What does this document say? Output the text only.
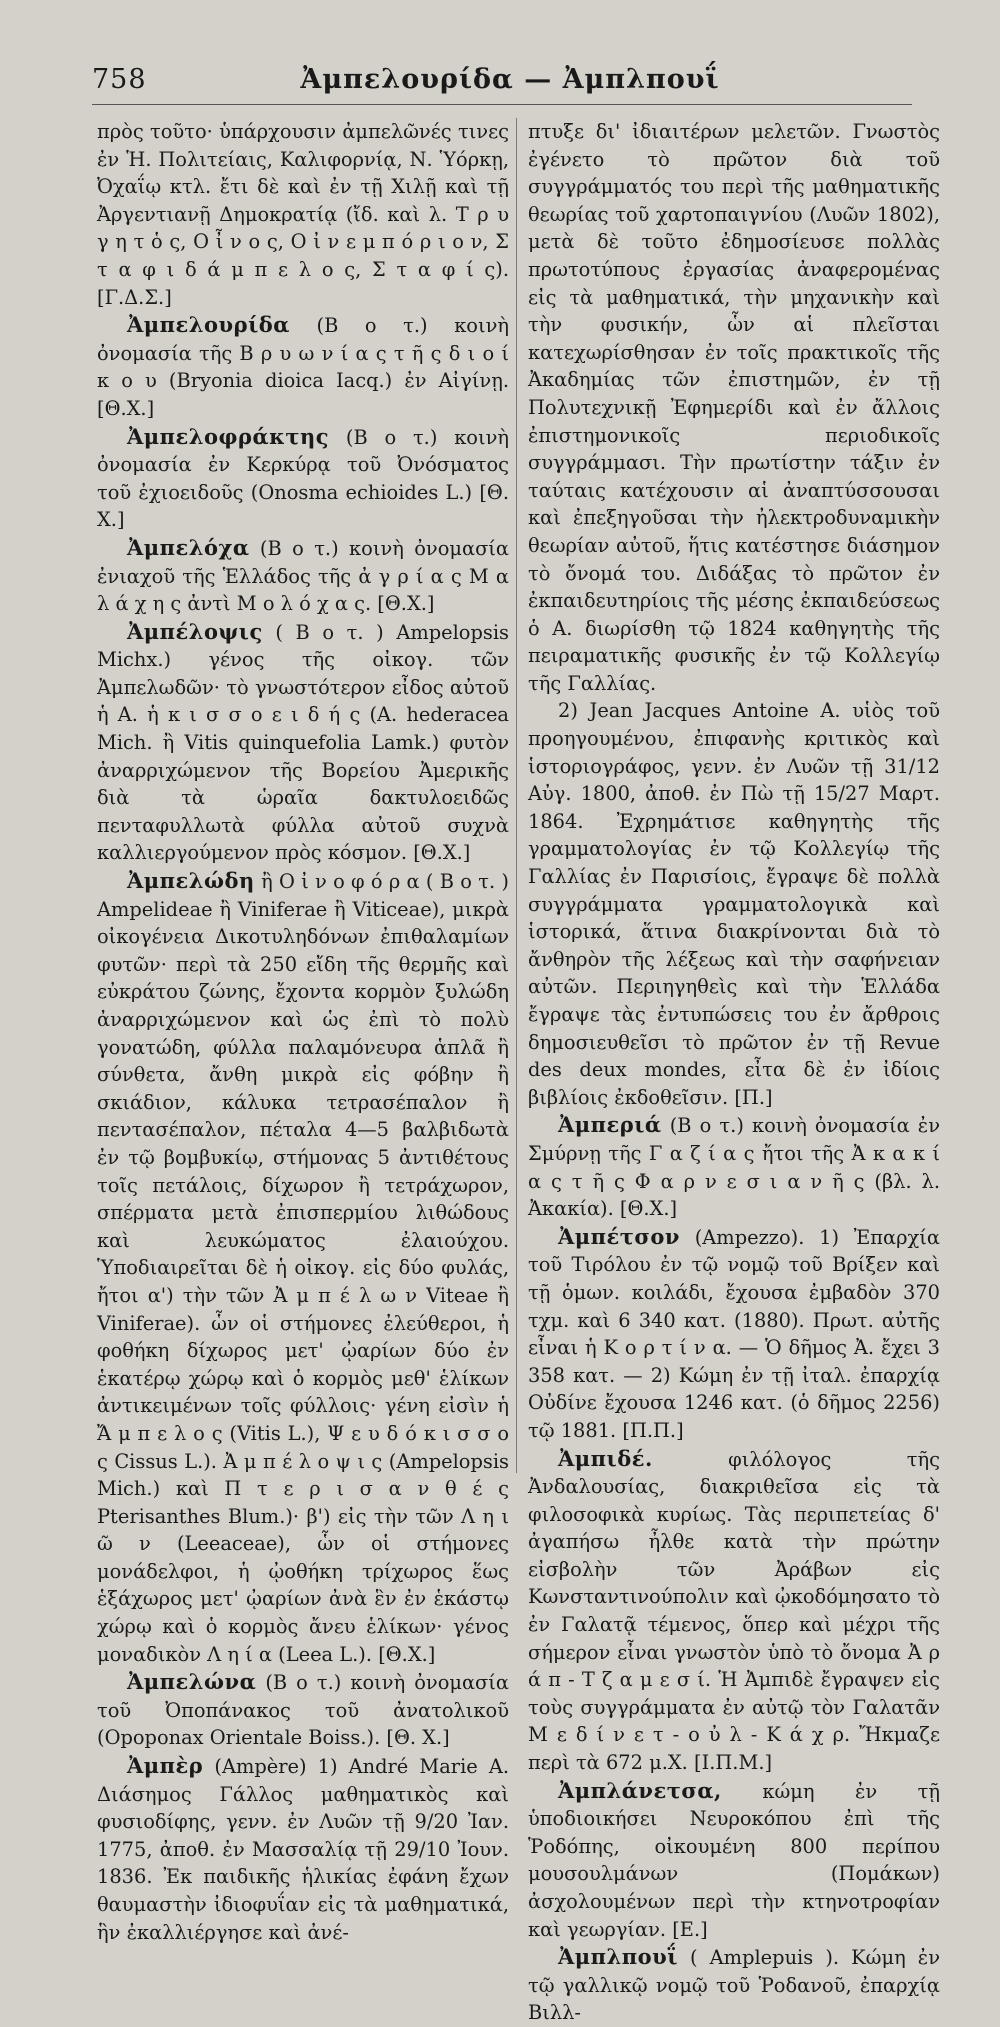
758	Ἀμπελουρίδα — Ἀμπλπουΐ

πρὸς τοῦτο· ὑπάρχουσιν ἀμπελῶνές τινες ἐν Ἡ. Πολιτείαις, Καλιφορνίᾳ, Ν. Ὑόρκῃ, Ὀχαΐῳ κτλ. ἔτι δὲ καὶ ἐν τῇ Χιλῇ καὶ τῇ Ἀργεντιανῇ Δημοκρατίᾳ (ἴδ. καὶ λ. Τ ρ υ γ η τ ὁ ς, Ο ἶ ν ο ς, Ο ἰ ν ε μ π ό ρ ι ο ν, Σ τ α φ ι δ ά μ π ε λ ο ς, Σ τ α φ ί ς). [Γ.Δ.Σ.]

Ἀμπελουρίδα (Β ο τ.) κοινὴ ὀνομασία τῆς Β ρ υ ω ν ί α ς τ ῆ ς δ ι ο ί κ ο υ (Bryonia dioica Iacq.) ἐν Αἰγίνῃ. [Θ.Χ.]

Ἀμπελοφράκτης (Β ο τ.) κοινὴ ὀνομασία ἐν Κερκύρᾳ τοῦ Ὀνόσματος τοῦ ἐχιοειδοῦς (Onosma echioides L.) [Θ. Χ.]

Ἀμπελόχα (Β ο τ.) κοινὴ ὀνομασία ἐνιαχοῦ τῆς Ἑλλάδος τῆς ἀ γ ρ ί α ς Μ α λ ά χ η ς ἀντὶ Μ ο λ ό χ α ς. [Θ.Χ.]

Ἀμπέλοψις ( Β ο τ. ) Ampelopsis Michx.) γένος τῆς οἰκογ. τῶν Ἀμπελωδῶν· τὸ γνωστότερον εἶδος αὐτοῦ ἡ Α. ἡ κ ι σ σ ο ε ι δ ή ς (A. hederacea Mich. ἢ Vitis quinquefolia Lamk.) φυτὸν ἀναρριχώμενον τῆς Βορείου Ἀμερικῆς διὰ τὰ ὡραῖα δακτυλοειδῶς πενταφυλλωτὰ φύλλα αὐτοῦ συχνὰ καλλιεργούμενον πρὸς κόσμον. [Θ.Χ.]

Ἀμπελώδη ἢ Ο ἰ ν ο φ ό ρ α ( Β ο τ. ) Ampelideae ἢ Viniferae ἢ Viticeae), μικρὰ οἰκογένεια Δικοτυληδόνων ἐπιθαλαμίων φυτῶν· περὶ τὰ 250 εἴδη τῆς θερμῆς καὶ εὐκράτου ζώνης, ἔχοντα κορμὸν ξυλώδη ἀναρριχώμενον καὶ ὡς ἐπὶ τὸ πολὺ γονατώδη, φύλλα παλαμόνευρα ἁπλᾶ ἢ σύνθετα, ἄνθη μικρὰ εἰς φόβην ἢ σκιάδιον, κάλυκα τετρασέπαλον ἢ πεντασέπαλον, πέταλα 4—5 βαλβιδωτὰ ἐν τῷ βομβυκίῳ, στήμονας 5 ἀντιθέτους τοῖς πετάλοις, δίχωρον ἢ τετράχωρον, σπέρματα μετὰ ἐπισπερμίου λιθώδους καὶ λευκώματος ἐλαιούχου. Ὑποδιαιρεῖται δὲ ἡ οἰκογ. εἰς δύο φυλάς, ἤτοι α') τὴν τῶν Ἀ μ π έ λ ω ν Viteae ἢ Viniferae). ὧν οἱ στήμονες ἐλεύθεροι, ἡ φοθήκη δίχωρος μετ' ᾠαρίων δύο ἐν ἑκατέρῳ χώρῳ καὶ ὁ κορμὸς μεθ' ἑλίκων ἀντικειμένων τοῖς φύλλοις· γένη εἰσὶν ἡ Ἄ μ π ε λ ο ς (Vitis L.), Ψ ε υ δ ό κ ι σ σ ο ς Cissus L.). Ἀ μ π έ λ ο ψ ι ς (Ampelopsis Mich.) καὶ Π τ ε ρ ι σ α ν θ έ ς Pterisanthes Blum.)· β') εἰς τὴν τῶν Λ η ι ῶ ν (Leeaceae), ὧν οἱ στήμονες μονάδελφοι, ἡ ᾠοθήκη τρίχωρος ἕως ἑξάχωρος μετ' ᾠαρίων ἀνὰ ἓν ἐν ἑκάστῳ χώρῳ καὶ ὁ κορμὸς ἄνευ ἑλίκων· γένος μοναδικὸν Λ η ί α (Leea L.). [Θ.Χ.]

Ἀμπελώνα (Β ο τ.) κοινὴ ὀνομασία τοῦ Ὀποπάνακος τοῦ ἀνατολικοῦ (Opoponax Orientale Boiss.). [Θ. Χ.]

Ἀμπὲρ (Ampère) 1) André Marie Α. Διάσημος Γάλλος μαθηματικὸς καὶ φυσιοδίφης, γενν. ἐν Λυῶν τῇ 9/20 Ἰαν. 1775, ἀποθ. ἐν Μασσαλίᾳ τῇ 29/10 Ἰουν. 1836. Ἐκ παιδικῆς ἡλικίας ἐφάνη ἔχων θαυμαστὴν ἰδιοφυΐαν εἰς τὰ μαθηματικά, ἣν ἐκαλλιέργησε καὶ ἀνέ-

πτυξε δι' ἰδιαιτέρων μελετῶν. Γνωστὸς ἐγένετο τὸ πρῶτον διὰ τοῦ συγγράμματός του περὶ τῆς μαθηματικῆς θεωρίας τοῦ χαρτοπαιγνίου (Λυῶν 1802), μετὰ δὲ τοῦτο ἐδημοσίευσε πολλὰς πρωτοτύπους ἐργασίας ἀναφερομένας εἰς τὰ μαθηματικά, τὴν μηχανικὴν καὶ τὴν φυσικήν, ὧν αἱ πλεῖσται κατεχωρίσθησαν ἐν τοῖς πρακτικοῖς τῆς Ἀκαδημίας τῶν ἐπιστημῶν, ἐν τῇ Πολυτεχνικῇ Ἐφημερίδι καὶ ἐν ἄλλοις ἐπιστημονικοῖς περιοδικοῖς συγγράμμασι. Τὴν πρωτίστην τάξιν ἐν ταύταις κατέχουσιν αἱ ἀναπτύσσουσαι καὶ ἐπεξηγοῦσαι τὴν ἠλεκτροδυναμικὴν θεωρίαν αὐτοῦ, ἥτις κατέστησε διάσημον τὸ ὄνομά του. Διδάξας τὸ πρῶτον ἐν ἐκπαιδευτηρίοις τῆς μέσης ἐκπαιδεύσεως ὁ Α. διωρίσθη τῷ 1824 καθηγητὴς τῆς πειραματικῆς φυσικῆς ἐν τῷ Κολλεγίῳ τῆς Γαλλίας.

2) Jean Jacques Antoine Α. υἱὸς τοῦ προηγουμένου, ἐπιφανὴς κριτικὸς καὶ ἱστοριογράφος, γενν. ἐν Λυῶν τῇ 31/12 Αὐγ. 1800, ἀποθ. ἐν Πὼ τῇ 15/27 Μαρτ. 1864. Ἐχρημάτισε καθηγητὴς τῆς γραμματολογίας ἐν τῷ Κολλεγίῳ τῆς Γαλλίας ἐν Παρισίοις, ἔγραψε δὲ πολλὰ συγγράμματα γραμματολογικὰ καὶ ἱστορικά, ἅτινα διακρίνονται διὰ τὸ ἄνθηρὸν τῆς λέξεως καὶ τὴν σαφήνειαν αὐτῶν. Περιηγηθεὶς καὶ τὴν Ἑλλάδα ἔγραψε τὰς ἐντυπώσεις του ἐν ἄρθροις δημοσιευθεῖσι τὸ πρῶτον ἐν τῇ Revue des deux mondes, εἶτα δὲ ἐν ἰδίοις βιβλίοις ἐκδοθεῖσιν. [Π.]

Ἀμπεριά (Β ο τ.) κοινὴ ὀνομασία ἐν Σμύρνῃ τῆς Γ α ζ ί α ς ἤτοι τῆς Ἀ κ α κ ί α ς τ ῆ ς Φ α ρ ν ε σ ι α ν ῆ ς (βλ. λ. Ἀκακία). [Θ.Χ.]

Ἀμπέτσον (Ampezzo). 1) Ἐπαρχία τοῦ Τιρόλου ἐν τῷ νομῷ τοῦ Βρίξεν καὶ τῇ ὁμων. κοιλάδι, ἔχουσα ἐμβαδὸν 370 τχμ. καὶ 6 340 κατ. (1880). Πρωτ. αὐτῆς εἶναι ἡ Κ ο ρ τ ί ν α. — Ὁ δῆμος Ἀ. ἔχει 3 358 κατ. — 2) Κώμη ἐν τῇ ἰταλ. ἐπαρχίᾳ Οὐδίνε ἔχουσα 1246 κατ. (ὁ δῆμος 2256) τῷ 1881. [Π.Π.]

Ἀμπιδέ.	φιλόλογος τῆς Ἀνδαλουσίας, διακριθεῖσα εἰς τὰ φιλοσοφικὰ κυρίως. Τὰς περιπετείας δ' ἀγαπήσω ἦλθε κατὰ τὴν πρώτην εἰσβολὴν τῶν Ἀράβων εἰς Κωνσταντινούπολιν καὶ ᾠκοδόμησατο τὸ ἐν Γαλατᾷ τέμενος, ὅπερ καὶ μέχρι τῆς σήμερον εἶναι γνωστὸν ὑπὸ τὸ ὄνομα Ἀ ρ ά π - Τ ζ α μ ε σ ί. Ἡ Ἀμπιδὲ ἔγραψεν εἰς τοὺς συγγράμματα ἐν αὐτῷ τὸν Γαλατᾶν Μ ε δ ί ν ε τ - ο ὐ λ - Κ ά χ ρ. Ἤκμαζε περὶ τὰ 672 μ.Χ. [Ι.Π.Μ.]

Ἀμπλάνετσα, κώμη ἐν τῇ ὑποδιοικήσει Νευροκόπου ἐπὶ τῆς Ῥοδόπης, οἰκουμένη 800 περίπου μουσουλμάνων (Πομάκων) ἀσχολουμένων περὶ τὴν κτηνοτροφίαν καὶ γεωργίαν. [Ε.]

Ἀμπλπουΐ ( Amplepuis ). Κώμη ἐν τῷ γαλλικῷ νομῷ τοῦ Ῥοδανοῦ, ἐπαρχίᾳ Βιλλ-
